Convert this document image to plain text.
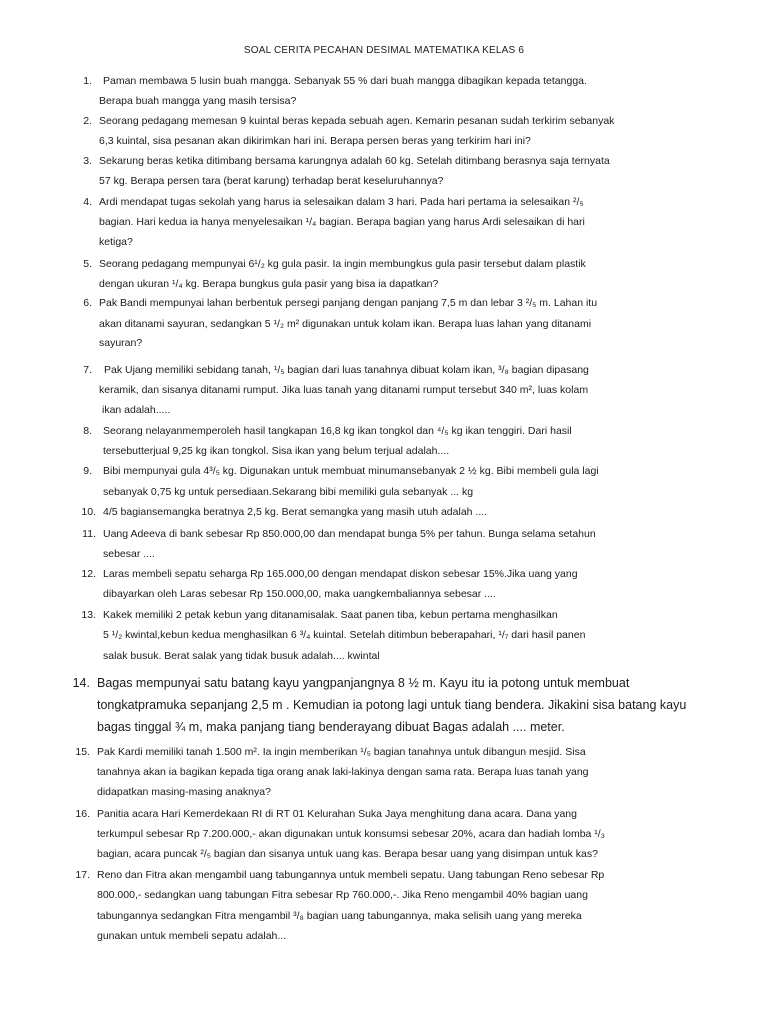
SOAL CERITA PECAHAN DESIMAL MATEMATIKA KELAS 6
1. Paman membawa 5 lusin buah mangga. Sebanyak 55 % dari buah mangga dibagikan kepada tetangga.
Berapa buah mangga yang masih tersisa?
2. Seorang pedagang memesan 9 kuintal beras kepada sebuah agen. Kemarin pesanan sudah terkirim sebanyak
6,3 kuintal, sisa pesanan akan dikirimkan hari ini. Berapa persen beras yang terkirim hari ini?
3. Sekarung beras ketika ditimbang bersama karungnya adalah 60 kg. Setelah ditimbang berasnya saja ternyata
57 kg. Berapa persen tara (berat karung) terhadap berat keseluruhannya?
4. Ardi mendapat tugas sekolah yang harus ia selesaikan dalam 3 hari. Pada hari pertama ia selesaikan ²/₅
bagian. Hari kedua ia hanya menyelesaikan ¹/₄ bagian. Berapa bagian yang harus Ardi selesaikan di hari
ketiga?
5. Seorang pedagang mempunyai 6¹/₂ kg gula pasir. Ia ingin membungkus gula pasir tersebut dalam plastik
dengan ukuran ¹/₄ kg. Berapa bungkus gula pasir yang bisa ia dapatkan?
6. Pak Bandi mempunyai lahan berbentuk persegi panjang dengan panjang 7,5 m dan lebar 3 ²/₅ m. Lahan itu
akan ditanami sayuran, sedangkan 5 ¹/₂ m² digunakan untuk kolam ikan. Berapa luas lahan yang ditanami
sayuran?
7. Pak Ujang memiliki sebidang tanah, ¹/₅ bagian dari luas tanahnya dibuat kolam ikan, ³/₈ bagian dipasang
keramik, dan sisanya ditanami rumput. Jika luas tanah yang ditanami rumput tersebut 340 m², luas kolam
ikan adalah.....
8. Seorang nelayanmemperoleh hasil tangkapan 16,8 kg ikan tongkol dan ⁴/₅ kg ikan tenggiri. Dari hasil
tersebutterjual 9,25 kg ikan tongkol. Sisa ikan yang belum terjual adalah....
9. Bibi mempunyai gula 4³/₅ kg. Digunakan untuk membuat minumansebanyak 2 ½ kg. Bibi membeli gula lagi
sebanyak 0,75 kg untuk persediaan.Sekarang bibi memiliki gula sebanyak ... kg
10. 4/5 bagiansemangka beratnya 2,5 kg. Berat semangka yang masih utuh adalah ....
11. Uang Adeeva di bank sebesar Rp 850.000,00 dan mendapat bunga 5% per tahun. Bunga selama setahun
sebesar ....
12. Laras membeli sepatu seharga Rp 165.000,00 dengan mendapat diskon sebesar 15%.Jika uang yang
dibayarkan oleh Laras sebesar Rp 150.000,00, maka uangkembaliannya sebesar ....
13. Kakek memiliki 2 petak kebun yang ditanamisalak. Saat panen tiba, kebun pertama menghasilkan
5 ¹/₂ kwintal,kebun kedua menghasilkan 6 ³/₄ kuintal. Setelah ditimbun beberapahari, ¹/₇ dari hasil panen
salak busuk. Berat salak yang tidak busuk adalah.... kwintal
14. Bagas mempunyai satu batang kayu yangpanjangnya 8 ½ m. Kayu itu ia potong untuk membuat
tongkatpramuka sepanjang 2,5 m . Kemudian ia potong lagi untuk tiang bendera. Jikakini sisa batang kayu
bagas tinggal ¾ m, maka panjang tiang benderayang dibuat Bagas adalah .... meter.
15. Pak Kardi memiliki tanah 1.500 m². Ia ingin memberikan ¹/₅ bagian tanahnya untuk dibangun mesjid. Sisa
tanahnya akan ia bagikan kepada tiga orang anak laki-lakinya dengan sama rata. Berapa luas tanah yang
didapatkan masing-masing anaknya?
16. Panitia acara Hari Kemerdekaan RI di RT 01 Kelurahan Suka Jaya menghitung dana acara. Dana yang
terkumpul sebesar Rp 7.200.000,- akan digunakan untuk konsumsi sebesar 20%, acara dan hadiah lomba ¹/₃
bagian, acara puncak ²/₅ bagian dan sisanya untuk uang kas. Berapa besar uang yang disimpan untuk kas?
17. Reno dan Fitra akan mengambil uang tabungannya untuk membeli sepatu. Uang tabungan Reno sebesar Rp
800.000,- sedangkan uang tabungan Fitra sebesar Rp 760.000,-. Jika Reno mengambil 40% bagian uang
tabungannya sedangkan Fitra mengambil ³/₈ bagian uang tabungannya, maka selisih uang yang mereka
gunakan untuk membeli sepatu adalah...
